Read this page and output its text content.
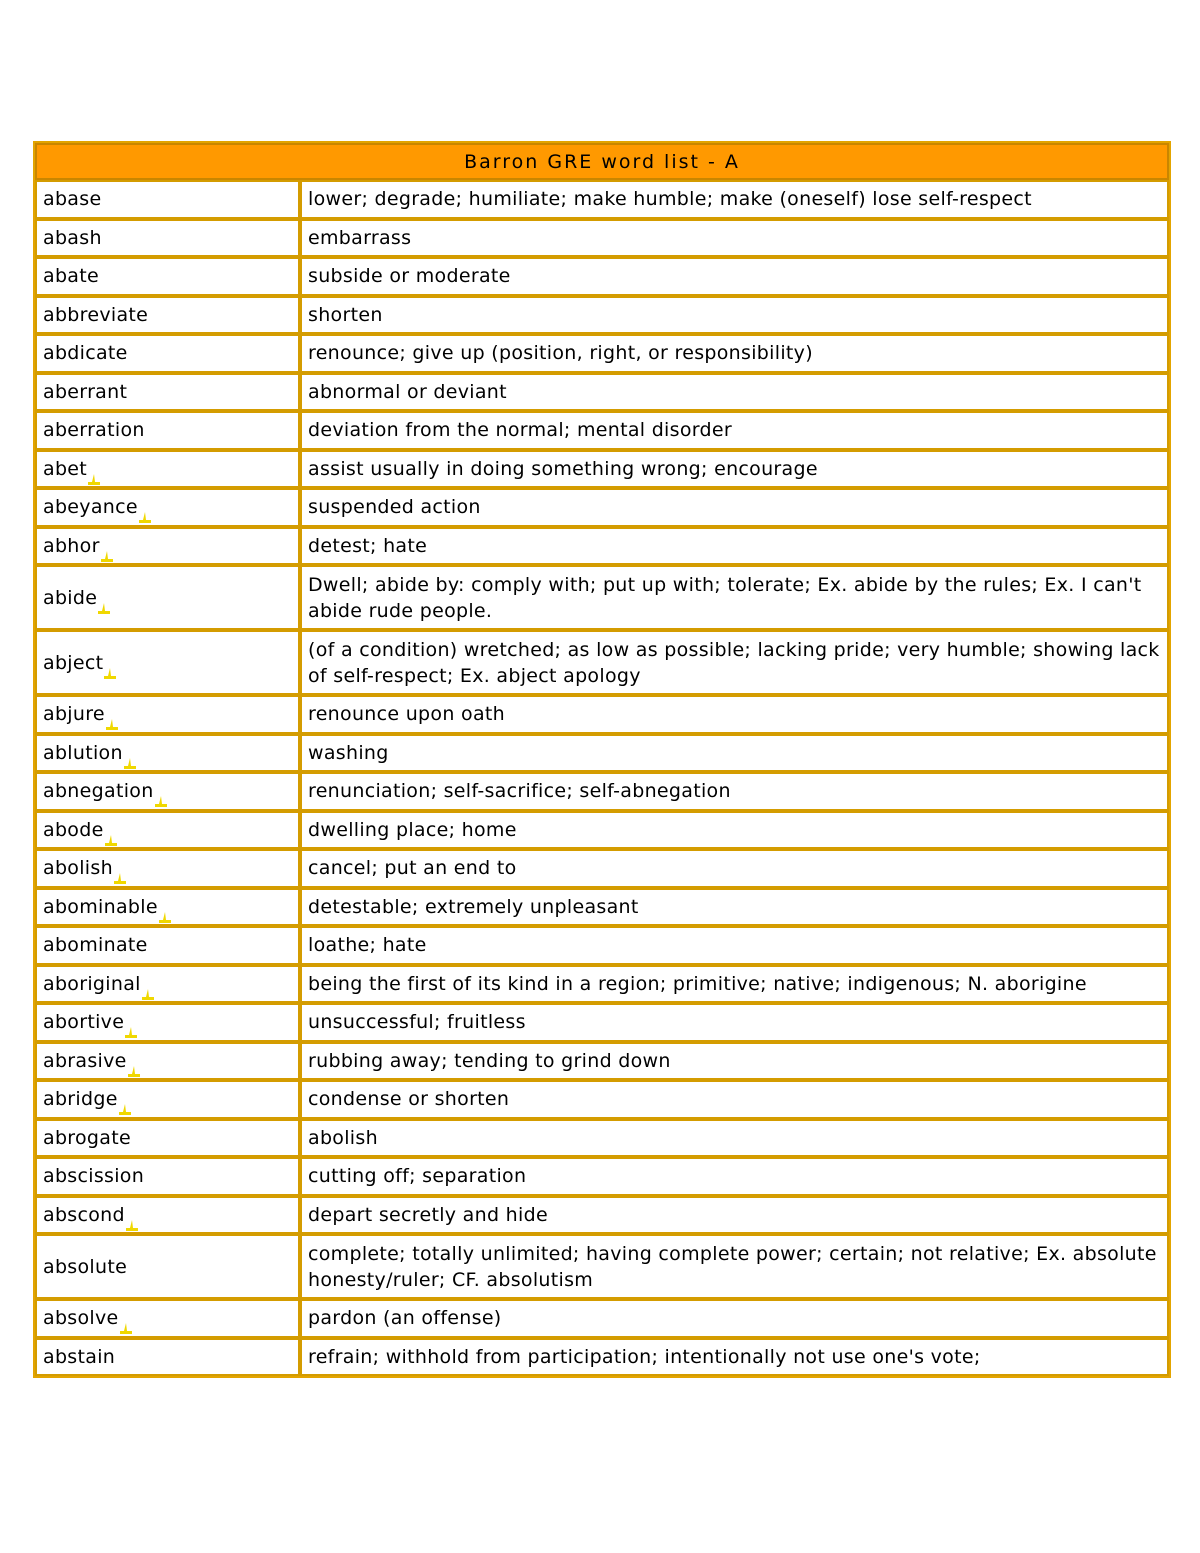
Barron GRE word list - A	
abase	lower; degrade; humiliate; make humble; make (oneself) lose self-respect
abash	embarrass
abate	subside or moderate
abbreviate	shorten
abdicate	renounce; give up (position, right, or responsibility)
aberrant	abnormal or deviant
aberration	deviation from the normal; mental disorder
abet	assist usually in doing something wrong; encourage
abeyance	suspended action
abhor	detest; hate
abide	Dwell; abide by: comply with; put up with; tolerate; Ex. abide by the rules; Ex. I can't abide rude people.
abject	(of a condition) wretched; as low as possible; lacking pride; very humble; showing lack of self-respect; Ex. abject apology
abjure	renounce upon oath
ablution	washing
abnegation	renunciation; self-sacrifice; self-abnegation
abode	dwelling place; home
abolish	cancel; put an end to
abominable	detestable; extremely unpleasant
abominate	loathe; hate
aboriginal	being the first of its kind in a region; primitive; native; indigenous; N. aborigine
abortive	unsuccessful; fruitless
abrasive	rubbing away; tending to grind down
abridge	condense or shorten
abrogate	abolish
abscission	cutting off; separation
abscond	depart secretly and hide
absolute	complete; totally unlimited; having complete power; certain; not relative; Ex. absolute honesty/ruler; CF. absolutism
absolve	pardon (an offense)
abstain	refrain; withhold from participation; intentionally not use one's vote;
